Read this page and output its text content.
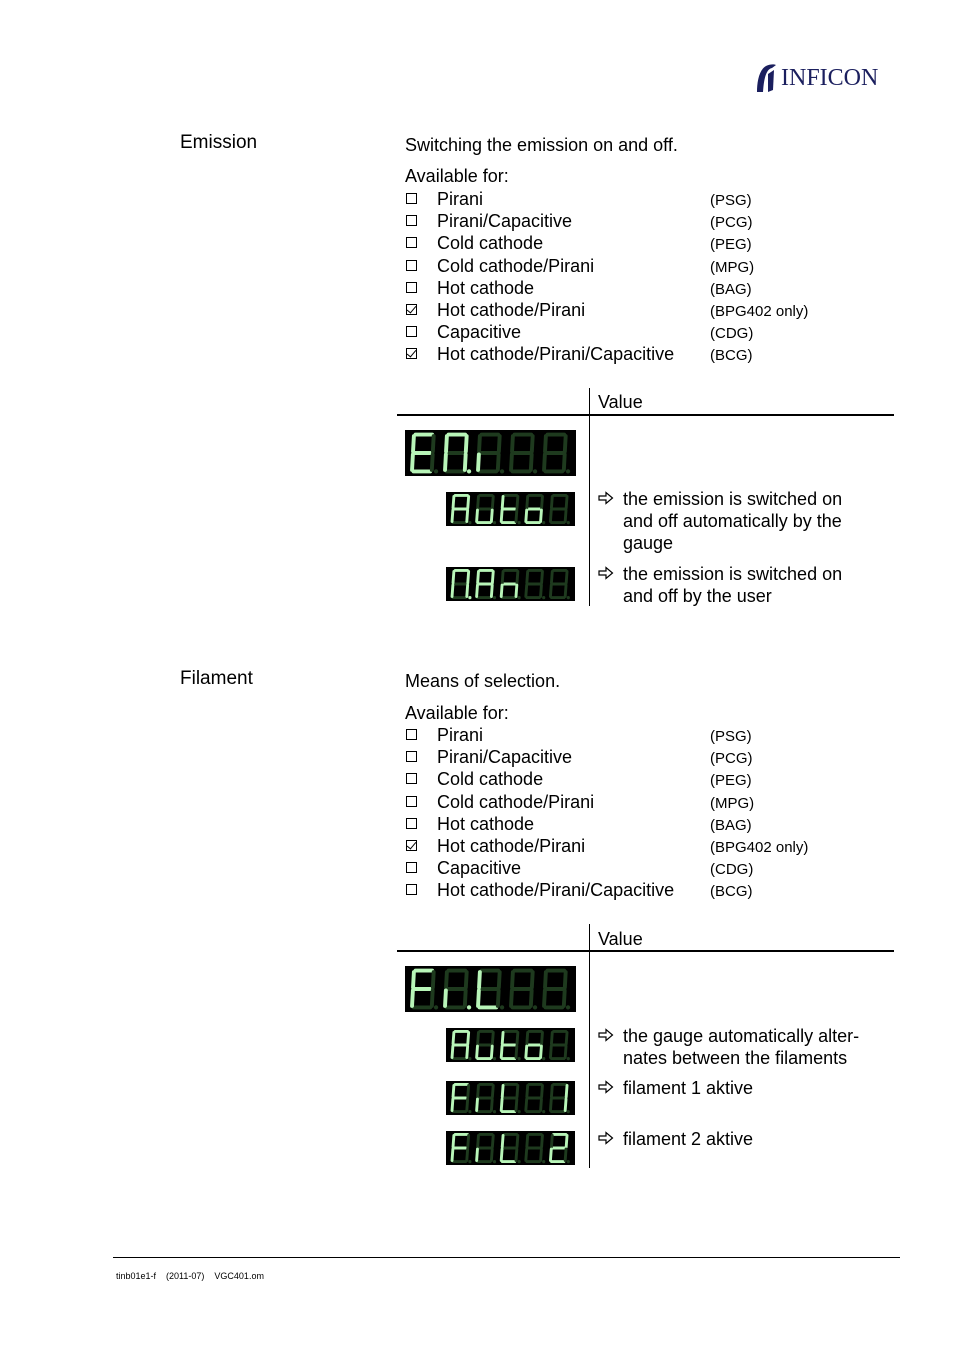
INFICON
Emission	Switching the emission on and off.
Available for:
Pirani	(PSG)
Pirani/Capacitive	(PCG)
Cold cathode	(PEG)
Cold cathode/Pirani	(MPG)
Hot cathode	(BAG)
Hot cathode/Pirani	(BPG402 only)
Capacitive	(CDG)
Hot cathode/Pirani/Capacitive (BCG)
Value
the emission is switched on
and off automatically by the
gauge
the emission is switched on
and off by the user
Filament	Means of selection.
Available for:
Pirani	(PSG)
Pirani/Capacitive	(PCG)
Cold cathode	(PEG)
Cold cathode/Pirani	(MPG)
Hot cathode	(BAG)
Hot cathode/Pirani	(BPG402 only)
Capacitive	(CDG)
Hot cathode/Pirani/Capacitive (BCG)
Value
the gauge automatically alter-
nates between the filaments
filament 1 aktive
filament 2 aktive
tinb01e1-f (2011-07) VGC401.om
